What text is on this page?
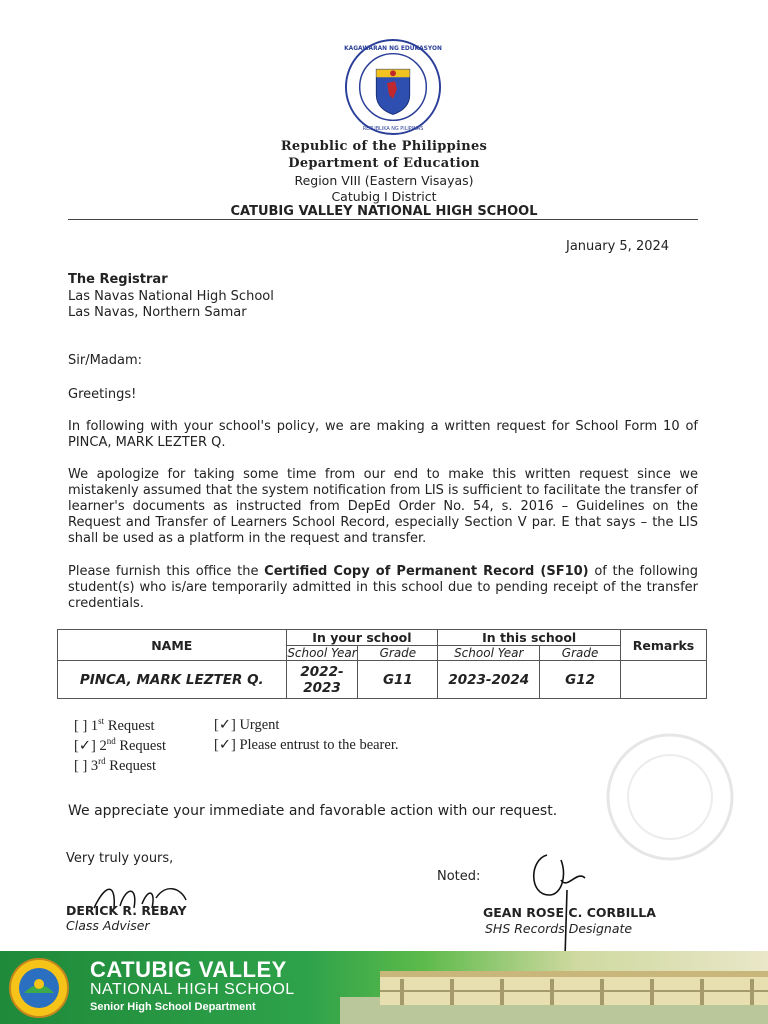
KAGAWARAN NG EDUKASYON
REPUBLIKA NG PILIPINAS
Republic of the Philippines
Department of Education
Region VIII (Eastern Visayas)
Catubig I District
CATUBIG VALLEY NATIONAL HIGH SCHOOL
January 5, 2024
The Registrar
Las Navas National High School
Las Navas, Northern Samar
Sir/Madam:
Greetings!
In following with your school's policy, we are making a written request for School Form 10 of PINCA, MARK LEZTER Q.
We apologize for taking some time from our end to make this written request since we mistakenly assumed that the system notification from LIS is sufficient to facilitate the transfer of learner's documents as instructed from DepEd Order No. 54, s. 2016 – Guidelines on the Request and Transfer of Learners School Record, especially Section V par. E that says – the LIS shall be used as a platform in the request and transfer.
Please furnish this office the Certified Copy of Permanent Record (SF10) of the following student(s) who is/are temporarily admitted in this school due to pending receipt of the transfer credentials.
NAME	In your school		In this school		Remarks
	School Year	Grade	School Year	Grade	
PINCA, MARK LEZTER Q.	2022-2023	G11	2023-2024	G12	
[ ] 1st Request
[✓] 2nd Request
[ ] 3rd Request
[✓] Urgent
[✓] Please entrust to the bearer.
We appreciate your immediate and favorable action with our request.
Very truly yours,
DERICK R. REBAY
Class Adviser
Noted:
GEAN ROSE C. CORBILLA
SHS Records Designate
CATUBIG VALLEY
NATIONAL HIGH SCHOOL
Senior High School Department
